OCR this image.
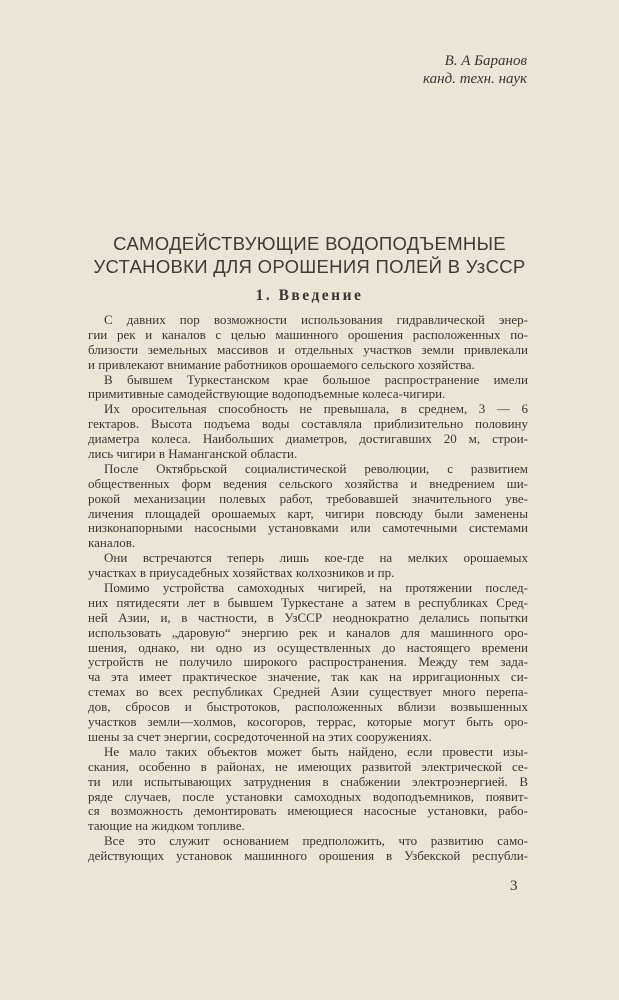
В. А Баранов
канд. техн. наук
САМОДЕЙСТВУЮЩИЕ ВОДОПОДЪЕМНЫЕ
УСТАНОВКИ ДЛЯ ОРОШЕНИЯ ПОЛЕЙ В УзССР
1. Введение
С давних пор возможности использования гидравлической энер-
гии рек и каналов с целью машинного орошения расположенных по-
близости земельных массивов и отдельных участков земли привлекали
и привлекают внимание работников орошаемого сельского хозяйства.
В бывшем Туркестанском крае большое распространение имели
примитивные самодействующие водоподъемные колеса-чигири.
Их оросительная способность не превышала, в среднем, 3 — 6
гектаров. Высота подъема воды составляла приблизительно половину
диаметра колеса. Наибольших диаметров, достигавших 20 м, строи-
лись чигири в Наманганской области.
После Октябрьской социалистической революции, с развитием
общественных форм ведения сельского хозяйства и внедрением ши-
рокой механизации полевых работ, требовавшей значительного уве-
личения площадей орошаемых карт, чигири повсюду были заменены
низконапорными насосными установками или самотечными системами
каналов.
Они встречаются теперь лишь кое-где на мелких орошаемых
участках в приусадебных хозяйствах колхозников и пр.
Помимо устройства самоходных чигирей, на протяжении послед-
них пятидесяти лет в бывшем Туркестане а затем в республиках Сред-
ней Азии, и, в частности, в УзССР неоднократно делались попытки
использовать „даровую“ энергию рек и каналов для машинного оро-
шения, однако, ни одно из осуществленных до настоящего времени
устройств не получило широкого распространения. Между тем зада-
ча эта имеет практическое значение, так как на ирригационных си-
стемах во всех республиках Средней Азии существует много перепа-
дов, сбросов и быстротоков, расположенных вблизи возвышенных
участков земли—холмов, косогоров, террас, которые могут быть оро-
шены за счет энергии, сосредоточенной на этих сооружениях.
Не мало таких объектов может быть найдено, если провести изы-
скания, особенно в районах, не имеющих развитой электрической се-
ти или испытывающих затруднения в снабжении электроэнергией. В
ряде случаев, после установки самоходных водоподъемников, появит-
ся возможность демонтировать имеющиеся насосные установки, рабо-
тающие на жидком топливе.
Все это служит основанием предположить, что развитию само-
действующих установок машинного орошения в Узбекской республи-
3
